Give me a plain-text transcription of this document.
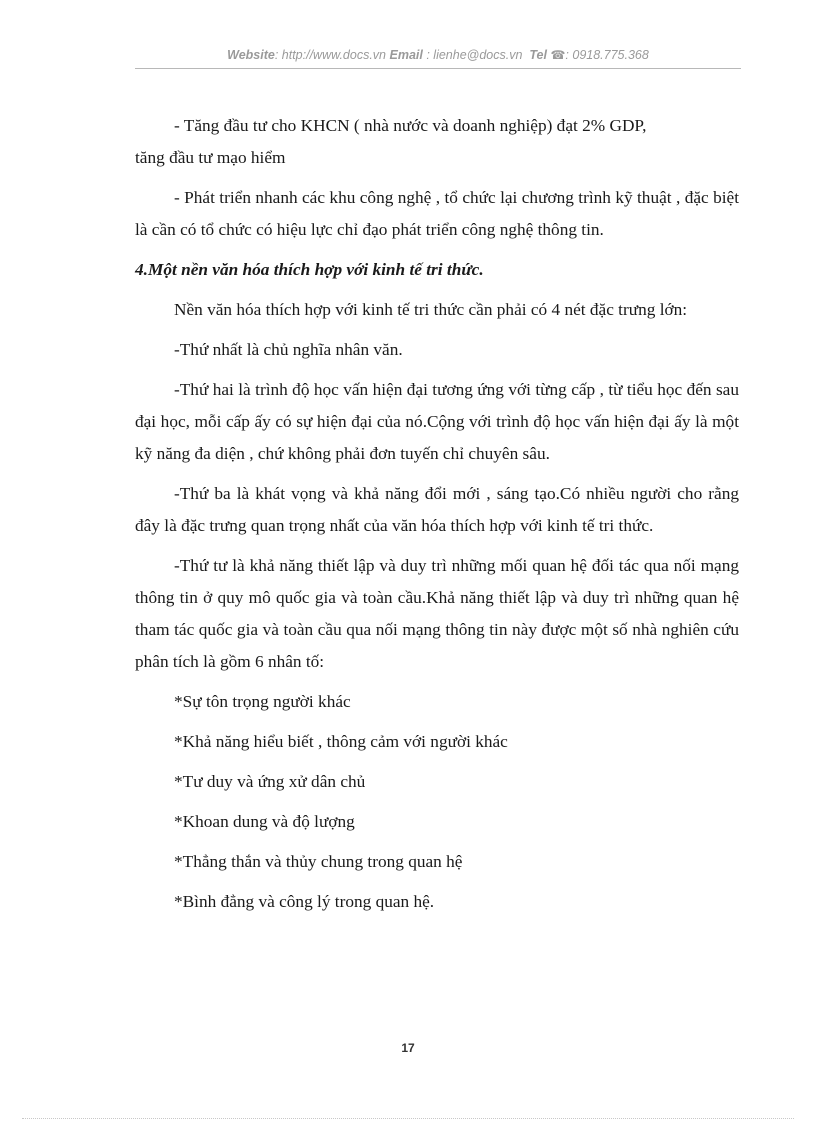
Website: http://www.docs.vn Email : lienhe@docs.vn Tel ☎: 0918.775.368

- Tăng đầu tư cho KHCN ( nhà nước và doanh nghiệp) đạt 2% GDP,

tăng đầu tư mạo hiểm

- Phát triển nhanh các khu công nghệ , tổ chức lại chương trình kỹ thuật , đặc biệt là cần có tổ chức có hiệu lực chỉ đạo phát triển công nghệ thông tin.

4.Một nền văn hóa thích hợp với kinh tế tri thức.

Nền văn hóa thích hợp với kinh tế tri thức cần phải có 4 nét đặc trưng lớn:

-Thứ nhất là chủ nghĩa nhân văn.

-Thứ hai là trình độ học vấn hiện đại tương ứng với từng cấp , từ tiểu học đến sau đại học, mỗi cấp ấy có sự hiện đại của nó.Cộng với trình độ học vấn hiện đại ấy là một kỹ năng đa diện , chứ không phải đơn tuyến chỉ chuyên sâu.

-Thứ ba là khát vọng và khả năng đổi mới , sáng tạo.Có nhiều người cho rằng đây là đặc trưng quan trọng nhất của văn hóa thích hợp với kinh tế tri thức.

-Thứ tư là khả năng thiết lập và duy trì những mối quan hệ đối tác qua nối mạng thông tin ở quy mô quốc gia và toàn cầu.Khả năng thiết lập và duy trì những quan hệ tham tác quốc gia và toàn cầu qua nối mạng thông tin này được một số nhà nghiên cứu phân tích là gồm 6 nhân tố:

*Sự tôn trọng người khác

*Khả năng hiểu biết , thông cảm với người khác

*Tư duy và ứng xử dân chủ

*Khoan dung và độ lượng

*Thẳng thắn và thủy chung trong quan hệ

*Bình đẳng và công lý trong quan hệ.

17
